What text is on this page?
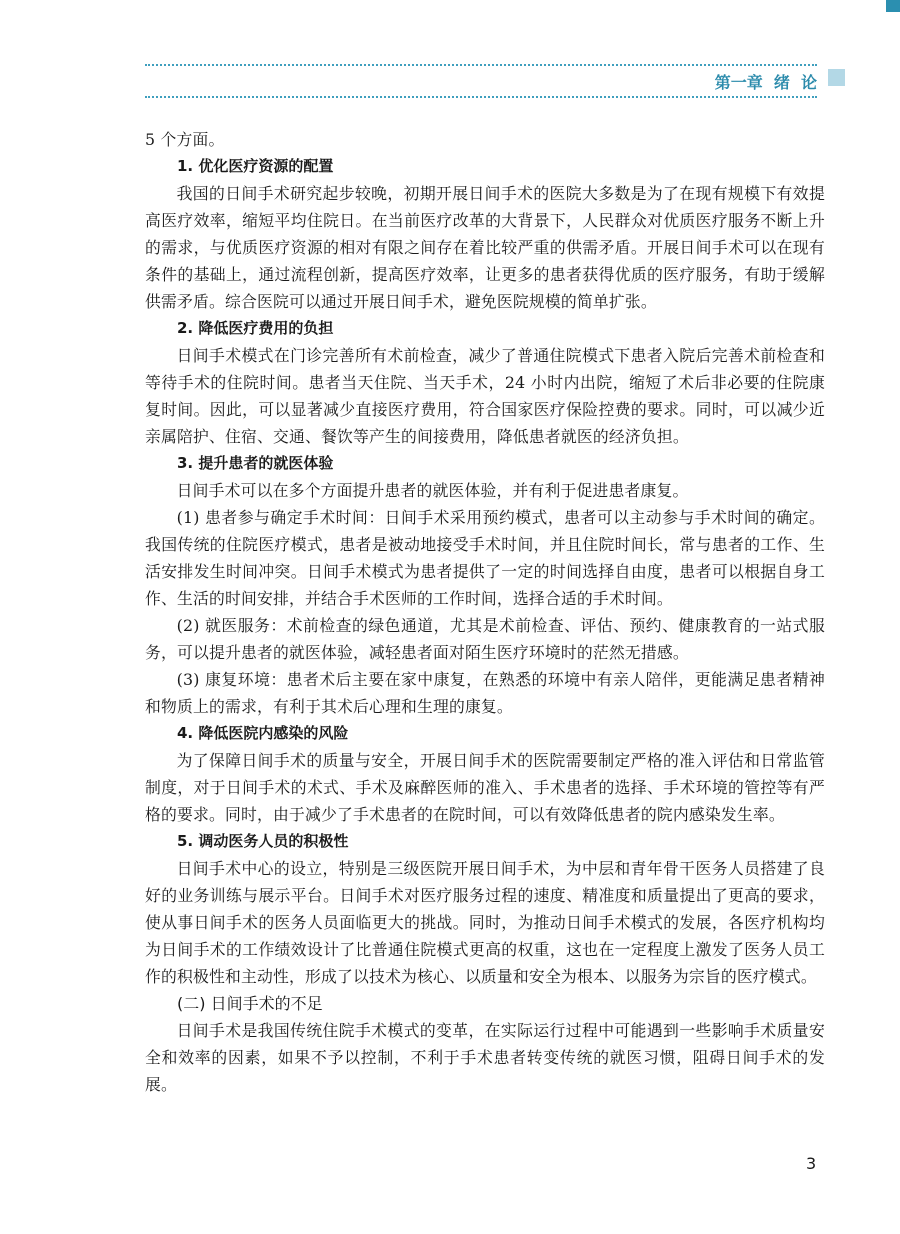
第一章  绪  论

5 个方面。

1. 优化医疗资源的配置

我国的日间手术研究起步较晚，初期开展日间手术的医院大多数是为了在现有规模下有效提高医疗效率，缩短平均住院日。在当前医疗改革的大背景下，人民群众对优质医疗服务不断上升的需求，与优质医疗资源的相对有限之间存在着比较严重的供需矛盾。开展日间手术可以在现有条件的基础上，通过流程创新，提高医疗效率，让更多的患者获得优质的医疗服务，有助于缓解供需矛盾。综合医院可以通过开展日间手术，避免医院规模的简单扩张。

2. 降低医疗费用的负担

日间手术模式在门诊完善所有术前检查，减少了普通住院模式下患者入院后完善术前检查和等待手术的住院时间。患者当天住院、当天手术，24 小时内出院，缩短了术后非必要的住院康复时间。因此，可以显著减少直接医疗费用，符合国家医疗保险控费的要求。同时，可以减少近亲属陪护、住宿、交通、餐饮等产生的间接费用，降低患者就医的经济负担。

3. 提升患者的就医体验

日间手术可以在多个方面提升患者的就医体验，并有利于促进患者康复。

(1) 患者参与确定手术时间：日间手术采用预约模式，患者可以主动参与手术时间的确定。我国传统的住院医疗模式，患者是被动地接受手术时间，并且住院时间长，常与患者的工作、生活安排发生时间冲突。日间手术模式为患者提供了一定的时间选择自由度，患者可以根据自身工作、生活的时间安排，并结合手术医师的工作时间，选择合适的手术时间。

(2) 就医服务：术前检查的绿色通道，尤其是术前检查、评估、预约、健康教育的一站式服务，可以提升患者的就医体验，减轻患者面对陌生医疗环境时的茫然无措感。

(3) 康复环境：患者术后主要在家中康复，在熟悉的环境中有亲人陪伴，更能满足患者精神和物质上的需求，有利于其术后心理和生理的康复。

4. 降低医院内感染的风险

为了保障日间手术的质量与安全，开展日间手术的医院需要制定严格的准入评估和日常监管制度，对于日间手术的术式、手术及麻醉医师的准入、手术患者的选择、手术环境的管控等有严格的要求。同时，由于减少了手术患者的在院时间，可以有效降低患者的院内感染发生率。

5. 调动医务人员的积极性

日间手术中心的设立，特别是三级医院开展日间手术，为中层和青年骨干医务人员搭建了良好的业务训练与展示平台。日间手术对医疗服务过程的速度、精准度和质量提出了更高的要求，使从事日间手术的医务人员面临更大的挑战。同时，为推动日间手术模式的发展，各医疗机构均为日间手术的工作绩效设计了比普通住院模式更高的权重，这也在一定程度上激发了医务人员工作的积极性和主动性，形成了以技术为核心、以质量和安全为根本、以服务为宗旨的医疗模式。

(二) 日间手术的不足

日间手术是我国传统住院手术模式的变革，在实际运行过程中可能遇到一些影响手术质量安全和效率的因素，如果不予以控制，不利于手术患者转变传统的就医习惯，阻碍日间手术的发展。

3
